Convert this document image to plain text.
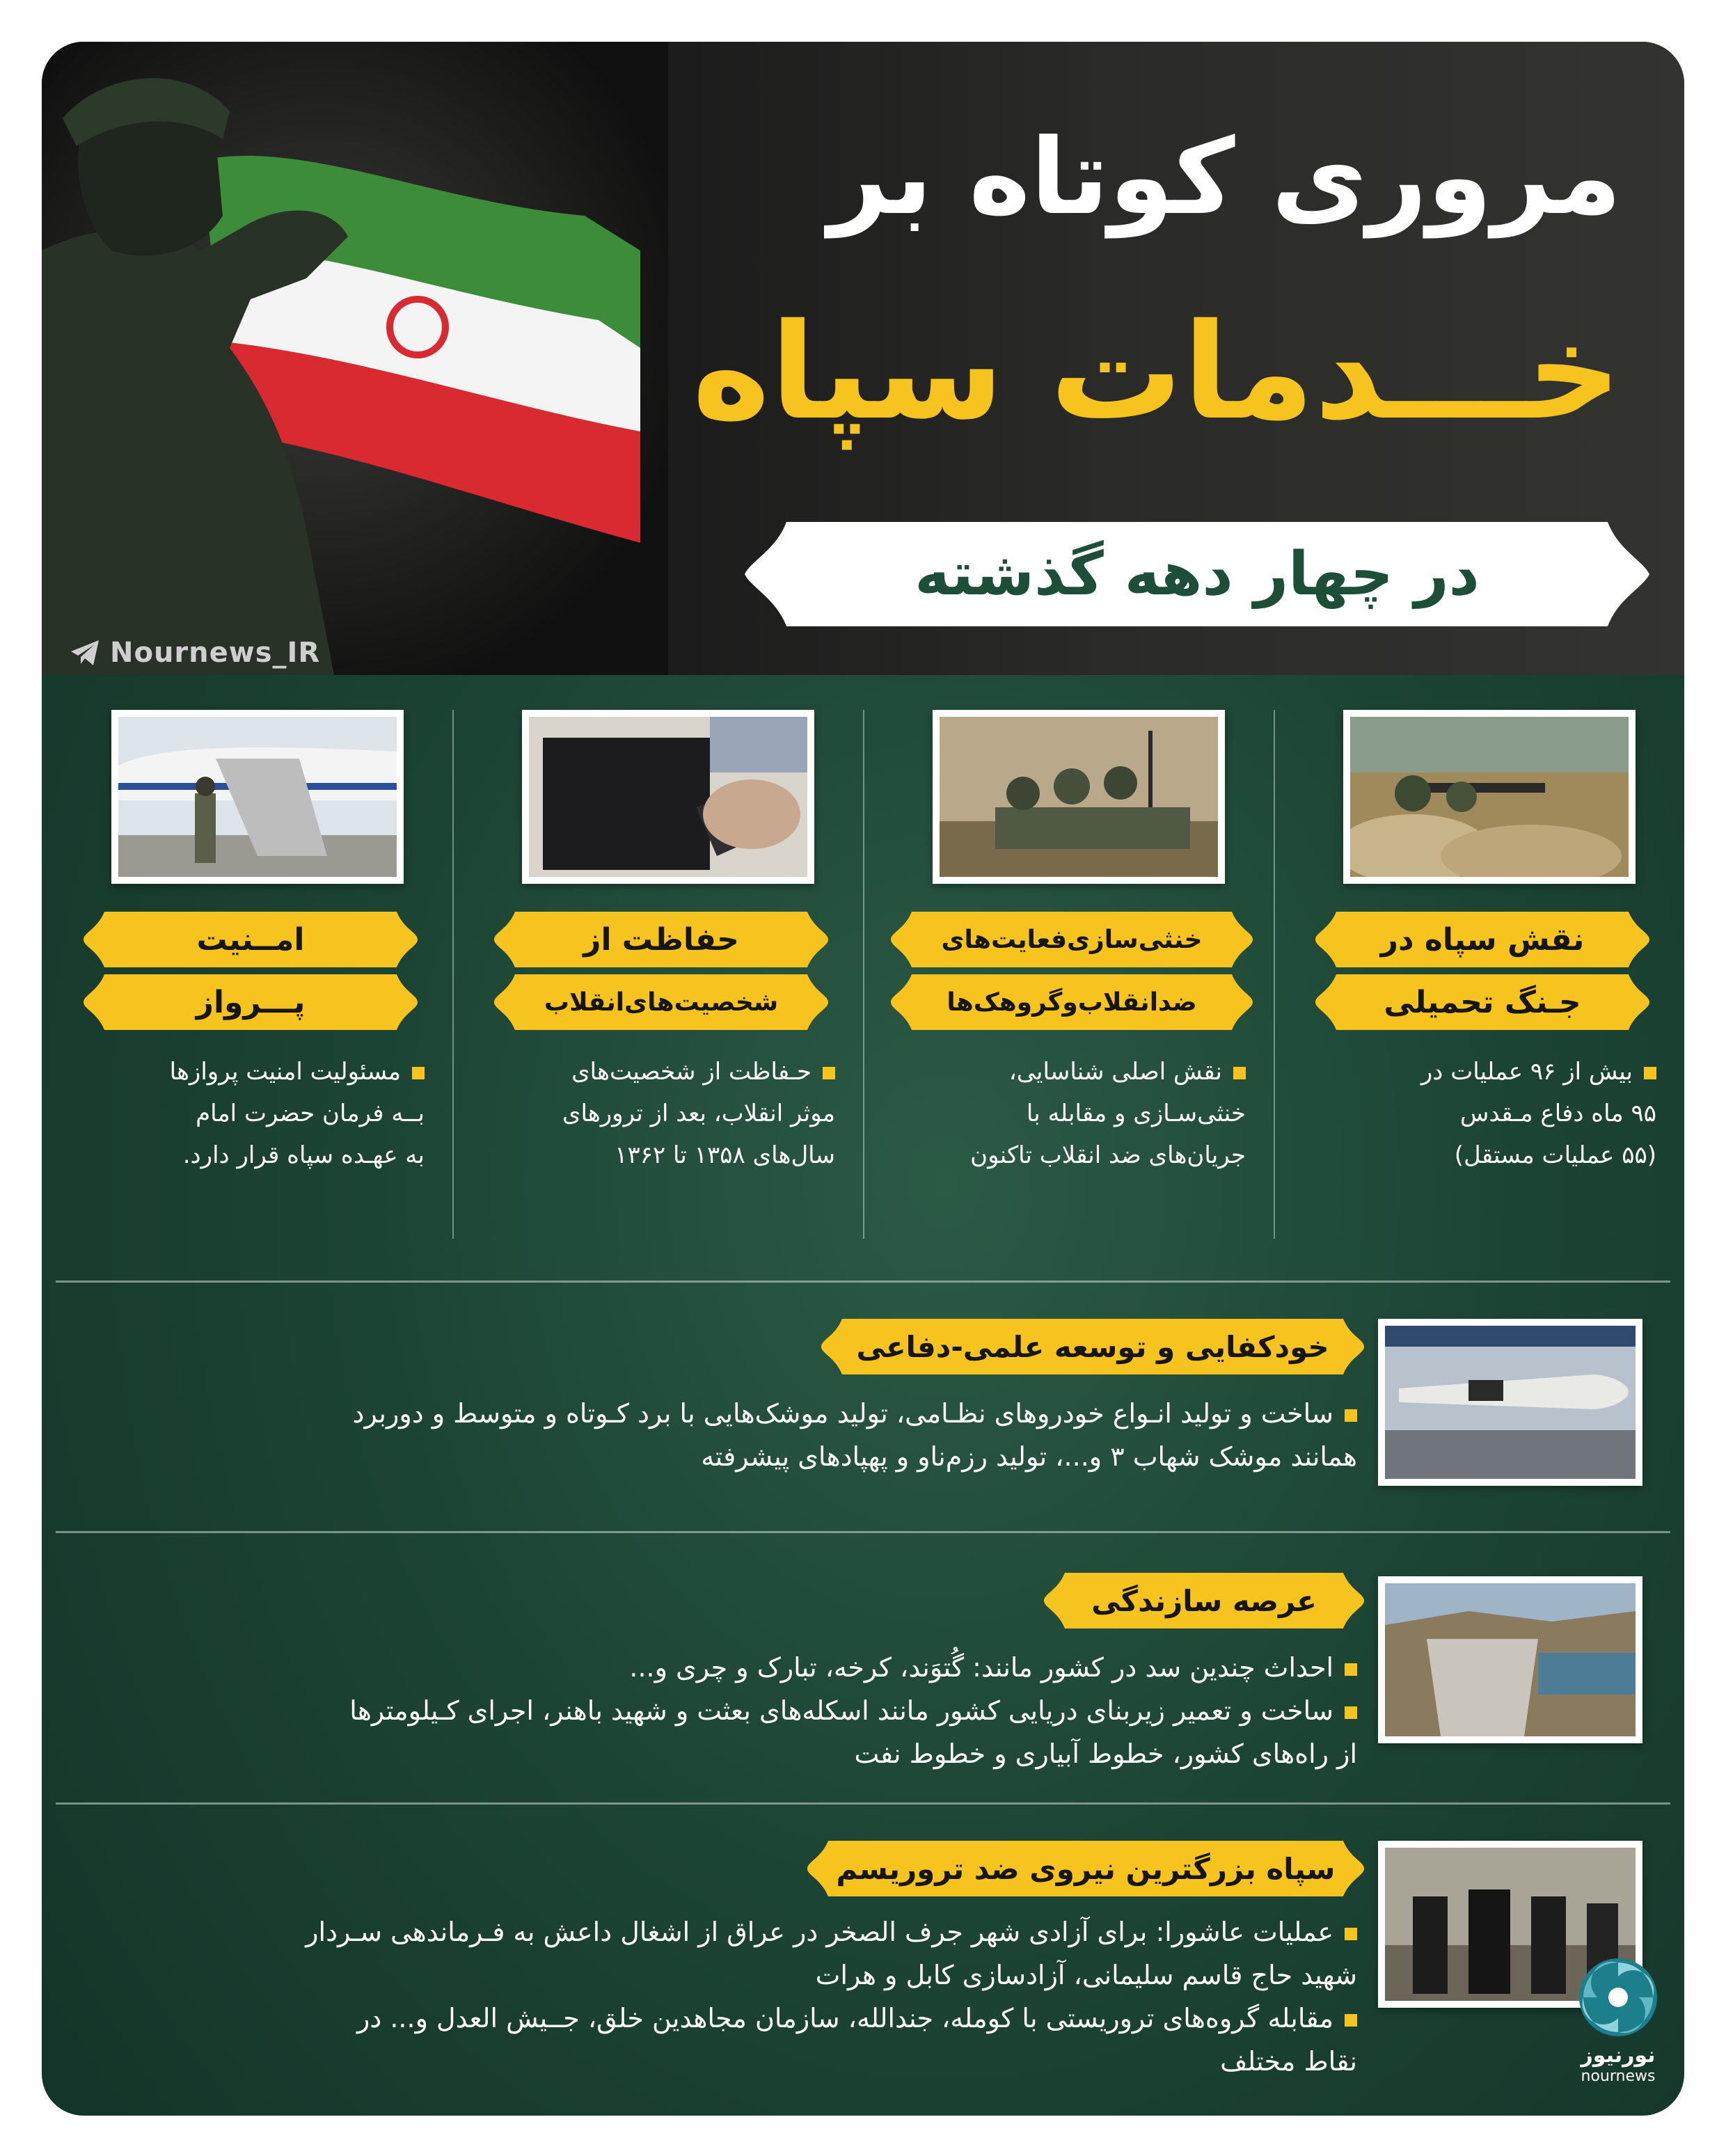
Nournews_IR
مروری کوتاه بر
خـــدمات سپاه
در چهار دهه گذشته
نقش سپاه در
جـنگ تحمیلی
بیش از ۹۶ عملیات در
۹۵ ماه دفاع مـقدس
(۵۵ عملیات مستقل)
خنثی‌سازی‌فعایت‌های
ضدانقلاب‌وگروهک‌ها
نقش اصلی شناسایی،
خنثی‌سـازی و مقابله با
جریان‌های ضد انقلاب تاکنون
حفاظت از
شخصیت‌های‌انقلاب
حـفاظت از شخصیت‌های
موثر انقلاب، بعد از ترورهای
سال‌های ۱۳۵۸ تا ۱۳۶۲
امــنیت
پـــرواز
مسئولیت امنیت پروازها
بــه فرمان حضرت امام
به عهـده سپاه قرار دارد.
خودکفایی و توسعه علمی-دفاعی
ساخت و تولید انـواع خودروهای نظـامی، تولید موشک‌هایی با برد کـوتاه و متوسط و دوربرد
همانند موشک شهاب ۳ و...، تولید رزم‌ناو و پهپادهای پیشرفته
عرصه سازندگی
احداث چندین سد در کشور مانند: گُتوَند، کرخه، تبارک و چری و...
ساخت و تعمیر زیربنای دریایی کشور مانند اسکله‌های بعثت و شهید باهنر، اجرای کـیلومترها
از راه‌های کشور، خطوط آبیاری و خطوط نفت
سپاه بزرگترین نیروی ضد تروریسم
عملیات عاشورا: برای آزادی شهر جرف الصخر در عراق از اشغال داعش به فـرماندهی سـردار
شهید حاج قاسم سلیمانی، آزادسازی کابل و هرات
مقابله گروه‌های تروریستی با کومله، جندالله، سازمان مجاهدین خلق، جــیش العدل و... در
نقاط مختلف	نورنیوز
nournews
